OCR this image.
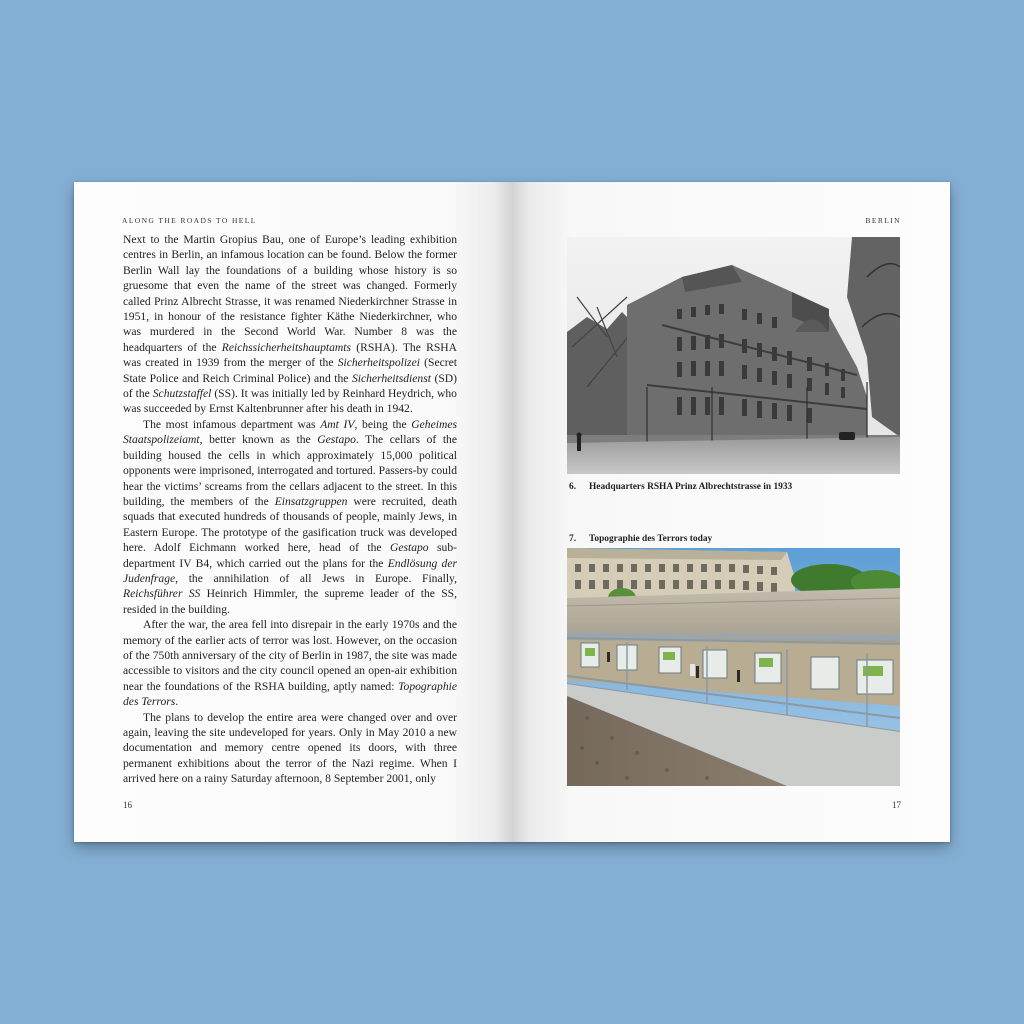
ALONG THE ROADS TO HELL

Next to the Martin Gropius Bau, one of Europe’s leading exhibition centres in Berlin, an infamous location can be found. Below the former Berlin Wall lay the foundations of a building whose history is so gruesome that even the name of the street was changed. Formerly called Prinz Albrecht Strasse, it was renamed Niederkirchner Strasse in 1951, in honour of the resistance fighter Käthe Niederkirchner, who was murdered in the Second World War. Number 8 was the headquarters of the Reichssicherheitshauptamts (RSHA). The RSHA was created in 1939 from the merger of the Sicherheitspolizei (Secret State Police and Reich Criminal Police) and the Sicherheitsdienst (SD) of the Schutzstaffel (SS). It was initially led by Reinhard Heydrich, who was succeeded by Ernst Kaltenbrunner after his death in 1942.

The most infamous department was Amt IV, being the Geheimes Staatspolizeiamt, better known as the Gestapo. The cellars of the building housed the cells in which approximately 15,000 political opponents were imprisoned, interrogated and tortured. Passers-by could hear the victims’ screams from the cellars adjacent to the street. In this building, the members of the Einsatzgruppen were recruited, death squads that executed hundreds of thousands of people, mainly Jews, in Eastern Europe. The prototype of the gasification truck was developed here. Adolf Eichmann worked here, head of the Gestapo sub-department IV B4, which carried out the plans for the Endlösung der Judenfrage, the annihilation of all Jews in Europe. Finally, Reichsführer SS Heinrich Himmler, the supreme leader of the SS, resided in the building.

After the war, the area fell into disrepair in the early 1970s and the memory of the earlier acts of terror was lost. However, on the occasion of the 750th anniversary of the city of Berlin in 1987, the site was made accessible to visitors and the city council opened an open-air exhibition near the foundations of the RSHA building, aptly named: Topographie des Terrors.

The plans to develop the entire area were changed over and over again, leaving the site undeveloped for years. Only in May 2010 a new documentation and memory centre opened its doors, with three permanent exhibitions about the terror of the Nazi regime. When I arrived here on a rainy Saturday afternoon, 8 September 2001, only

16
BERLIN
6. Headquarters RSHA Prinz Albrechtstrasse in 1933
7. Topographie des Terrors today
17
